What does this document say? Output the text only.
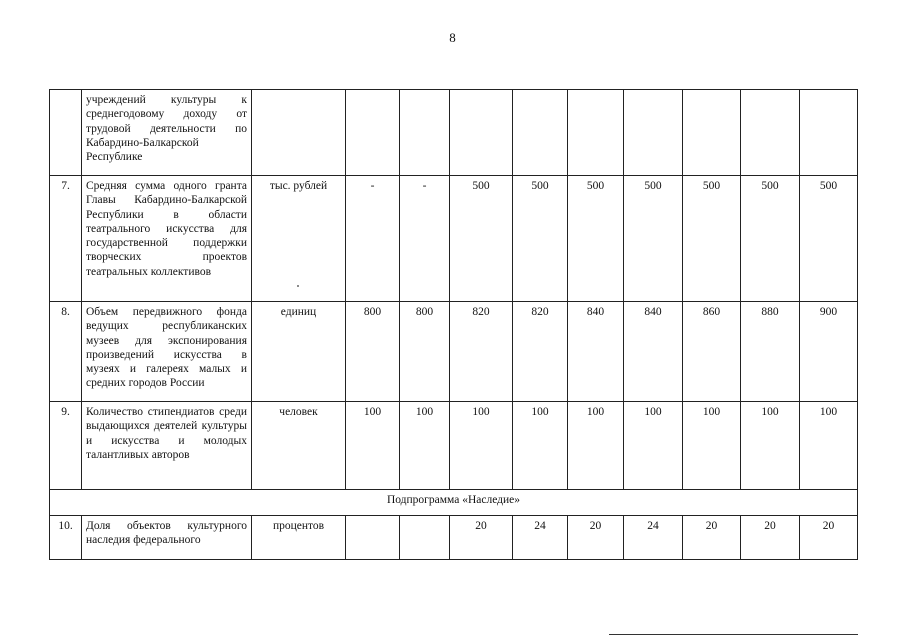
8
	учреждений культуры к среднегодовому доходу от трудовой деятельности по Кабардино-Балкарской Республике										
7.	Средняя сумма одного гранта Главы Кабардино-Балкарской Республики в области театрального искусства для государственной поддержки творческих проектов театральных коллективов	тыс. рублей	-	-	500	500	500	500	500	500	500
8.	Объем передвижного фонда ведущих республиканских музеев для экспонирования произведений искусства в музеях и галереях малых и средних городов России	единиц	800	800	820	820	840	840	860	880	900
9.	Количество стипендиатов среди выдающихся деятелей культуры и искусства и молодых талантливых авторов	человек	100	100	100	100	100	100	100	100	100
Подпрограмма «Наследие»											
10.	Доля объектов культурного наследия федерального	процентов			20	24	20	24	20	20	20
